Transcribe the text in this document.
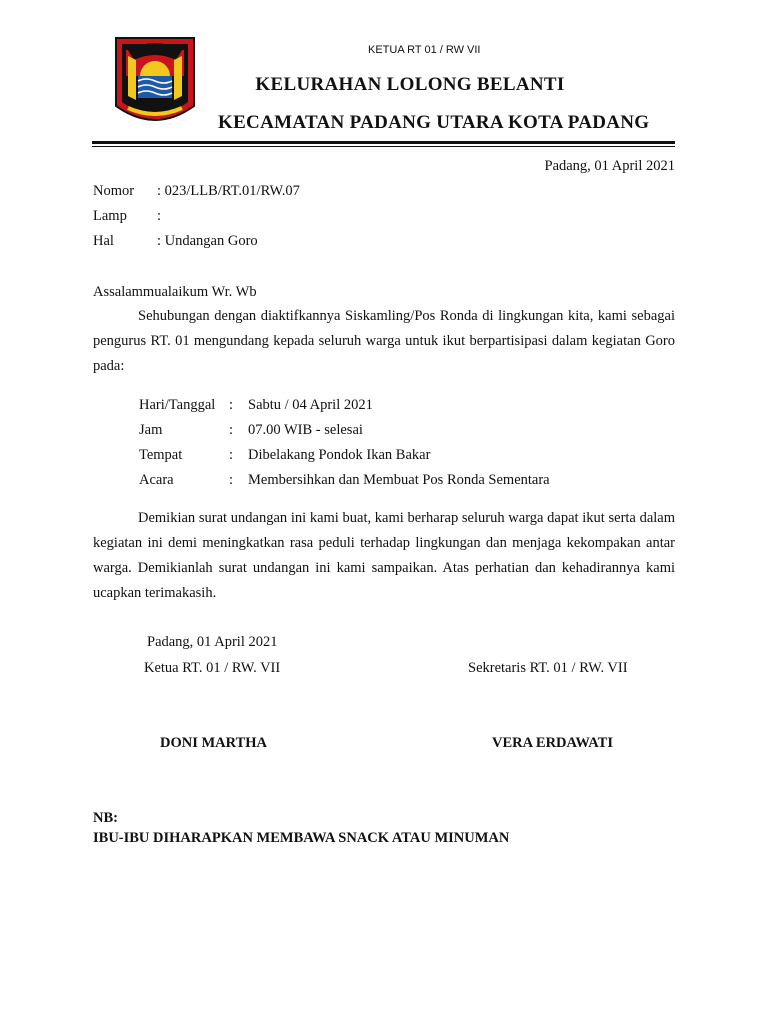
KETUA RT 01 / RW VII
KELURAHAN LOLONG BELANTI
KECAMATAN PADANG UTARA KOTA PADANG
Padang, 01 April 2021
Nomor : 023/LLB/RT.01/RW.07
Lamp :
Hal	: Undangan Goro
Assalammualaikum Wr. Wb
Sehubungan dengan diaktifkannya Siskamling/Pos Ronda di lingkungan kita, kami sebagai pengurus RT. 01 mengundang kepada seluruh warga untuk ikut berpartisipasi dalam kegiatan Goro pada:
Hari/Tanggal : Sabtu / 04 April 2021
Jam	: 07.00 WIB - selesai
Tempat	: Dibelakang Pondok Ikan Bakar
Acara	: Membersihkan dan Membuat Pos Ronda Sementara
Demikian surat undangan ini kami buat, kami berharap seluruh warga dapat ikut serta dalam kegiatan ini demi meningkatkan rasa peduli terhadap lingkungan dan menjaga kekompakan antar warga. Demikianlah surat undangan ini kami sampaikan. Atas perhatian dan kehadirannya kami ucapkan terimakasih.
Padang, 01 April 2021
Ketua RT. 01 / RW. VII	Sekretaris RT. 01 / RW. VII
DONI MARTHA	VERA ERDAWATI
NB:
IBU-IBU DIHARAPKAN MEMBAWA SNACK ATAU MINUMAN
